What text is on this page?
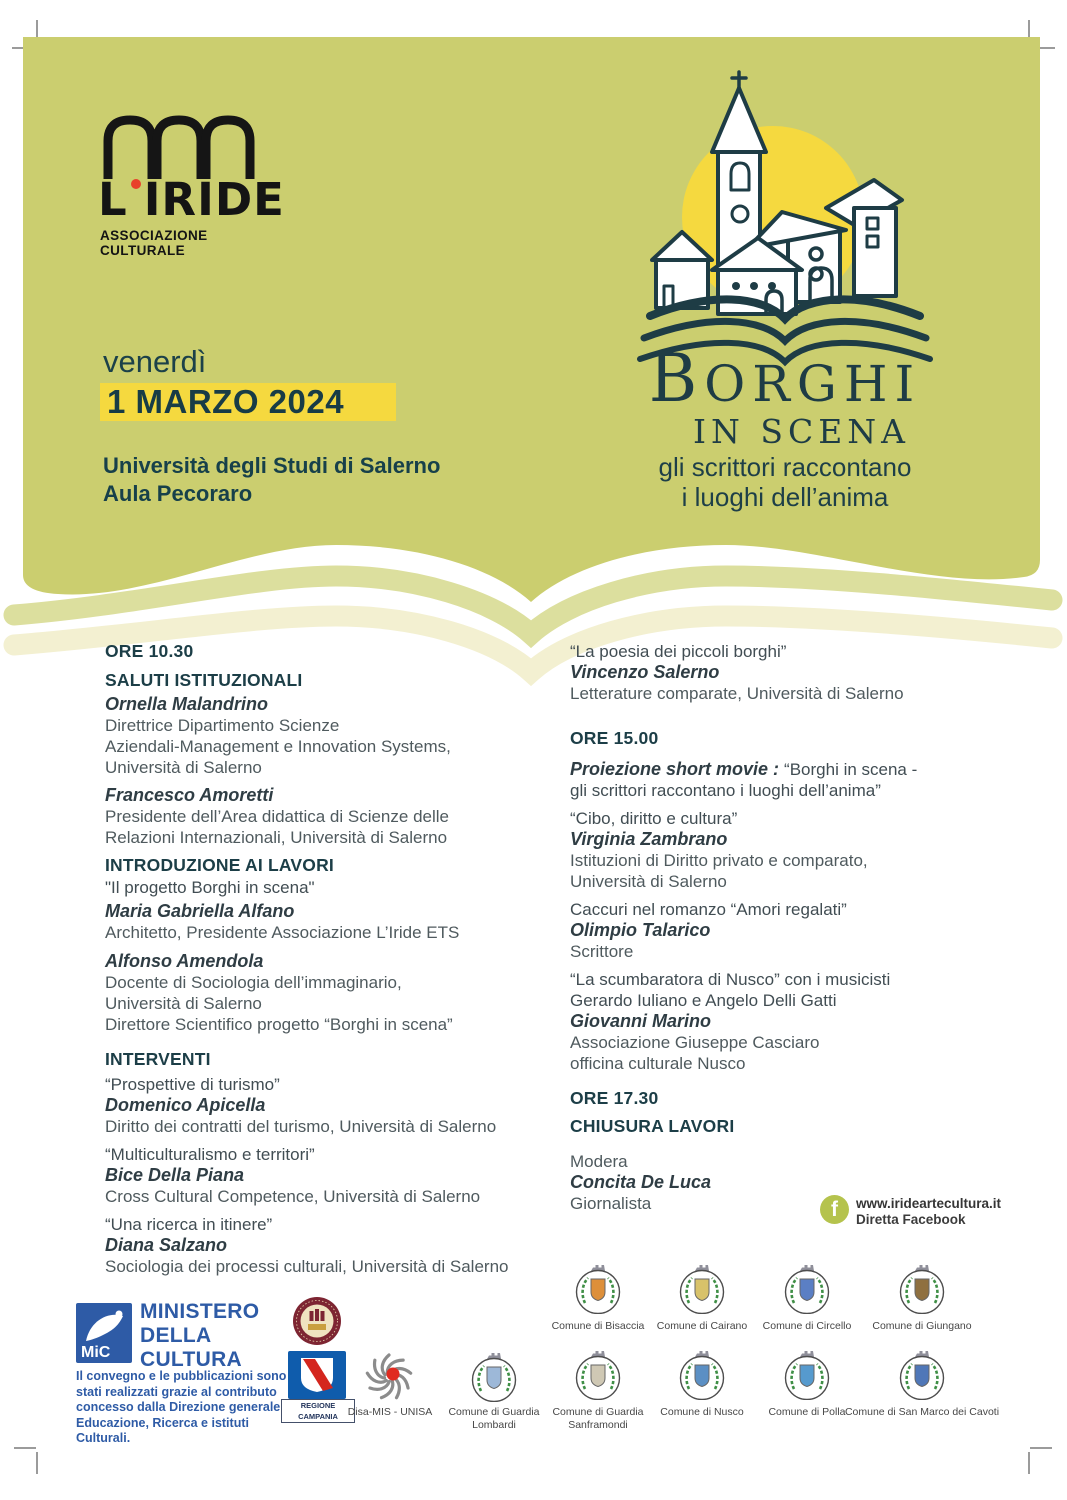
L IRIDE
ASSOCIAZIONE CULTURALE
venerdì
1 MARZO 2024
Università degli Studi di Salerno
Aula Pecoraro
BORGHI
IN SCENA
gli scrittori raccontano
i luoghi dell’anima
ORE 10.30
SALUTI ISTITUZIONALI
Ornella Malandrino
Direttrice Dipartimento Scienze
Aziendali-Management e Innovation Systems,
Università di Salerno
Francesco Amoretti
Presidente dell’Area didattica di Scienze delle
Relazioni Internazionali, Università di Salerno
INTRODUZIONE AI LAVORI
"Il progetto Borghi in scena"
Maria Gabriella Alfano
Architetto, Presidente Associazione L’Iride ETS
Alfonso Amendola
Docente di Sociologia dell’immaginario,
Università di Salerno
Direttore Scientifico progetto “Borghi in scena”
INTERVENTI
“Prospettive di turismo”
Domenico Apicella
Diritto dei contratti del turismo, Università di Salerno
“Multiculturalismo e territori”
Bice Della Piana
Cross Cultural Competence, Università di Salerno
“Una ricerca in itinere”
Diana Salzano
Sociologia dei processi culturali, Università di Salerno
“La poesia dei piccoli borghi”
Vincenzo Salerno
Letterature comparate, Università di Salerno
ORE 15.00
Proiezione short movie : “Borghi in scena -
gli scrittori raccontano i luoghi dell’anima”
“Cibo, diritto e cultura”
Virginia Zambrano
Istituzioni di Diritto privato e comparato,
Università di Salerno
Caccuri nel romanzo “Amori regalati”
Olimpio Talarico
Scrittore
“La scumbaratora di Nusco” con i musicisti
Gerardo Iuliano e Angelo Delli Gatti
Giovanni Marino
Associazione Giuseppe Casciaro
officina culturale Nusco
ORE 17.30
CHIUSURA LAVORI
Modera
Concita De Luca
Giornalista
MiC
MINISTERO
DELLA
CULTURA
Il convegno e le pubblicazioni sono
stati realizzati grazie al contributo
concesso dalla Direzione generale
Educazione, Ricerca e istituti Culturali.
REGIONE CAMPANIA Disa-MIS - UNISA	Comune di Guardia Lombardi
f	www.irideartecultura.it
Diretta Facebook
Comune di Bisaccia	Comune di Cairano	Comune di Circello	Comune di Giungano
Comune di Guardia Sanframondi
Comune di Nusco	Comune di Polla Comune di San Marco dei Cavoti
